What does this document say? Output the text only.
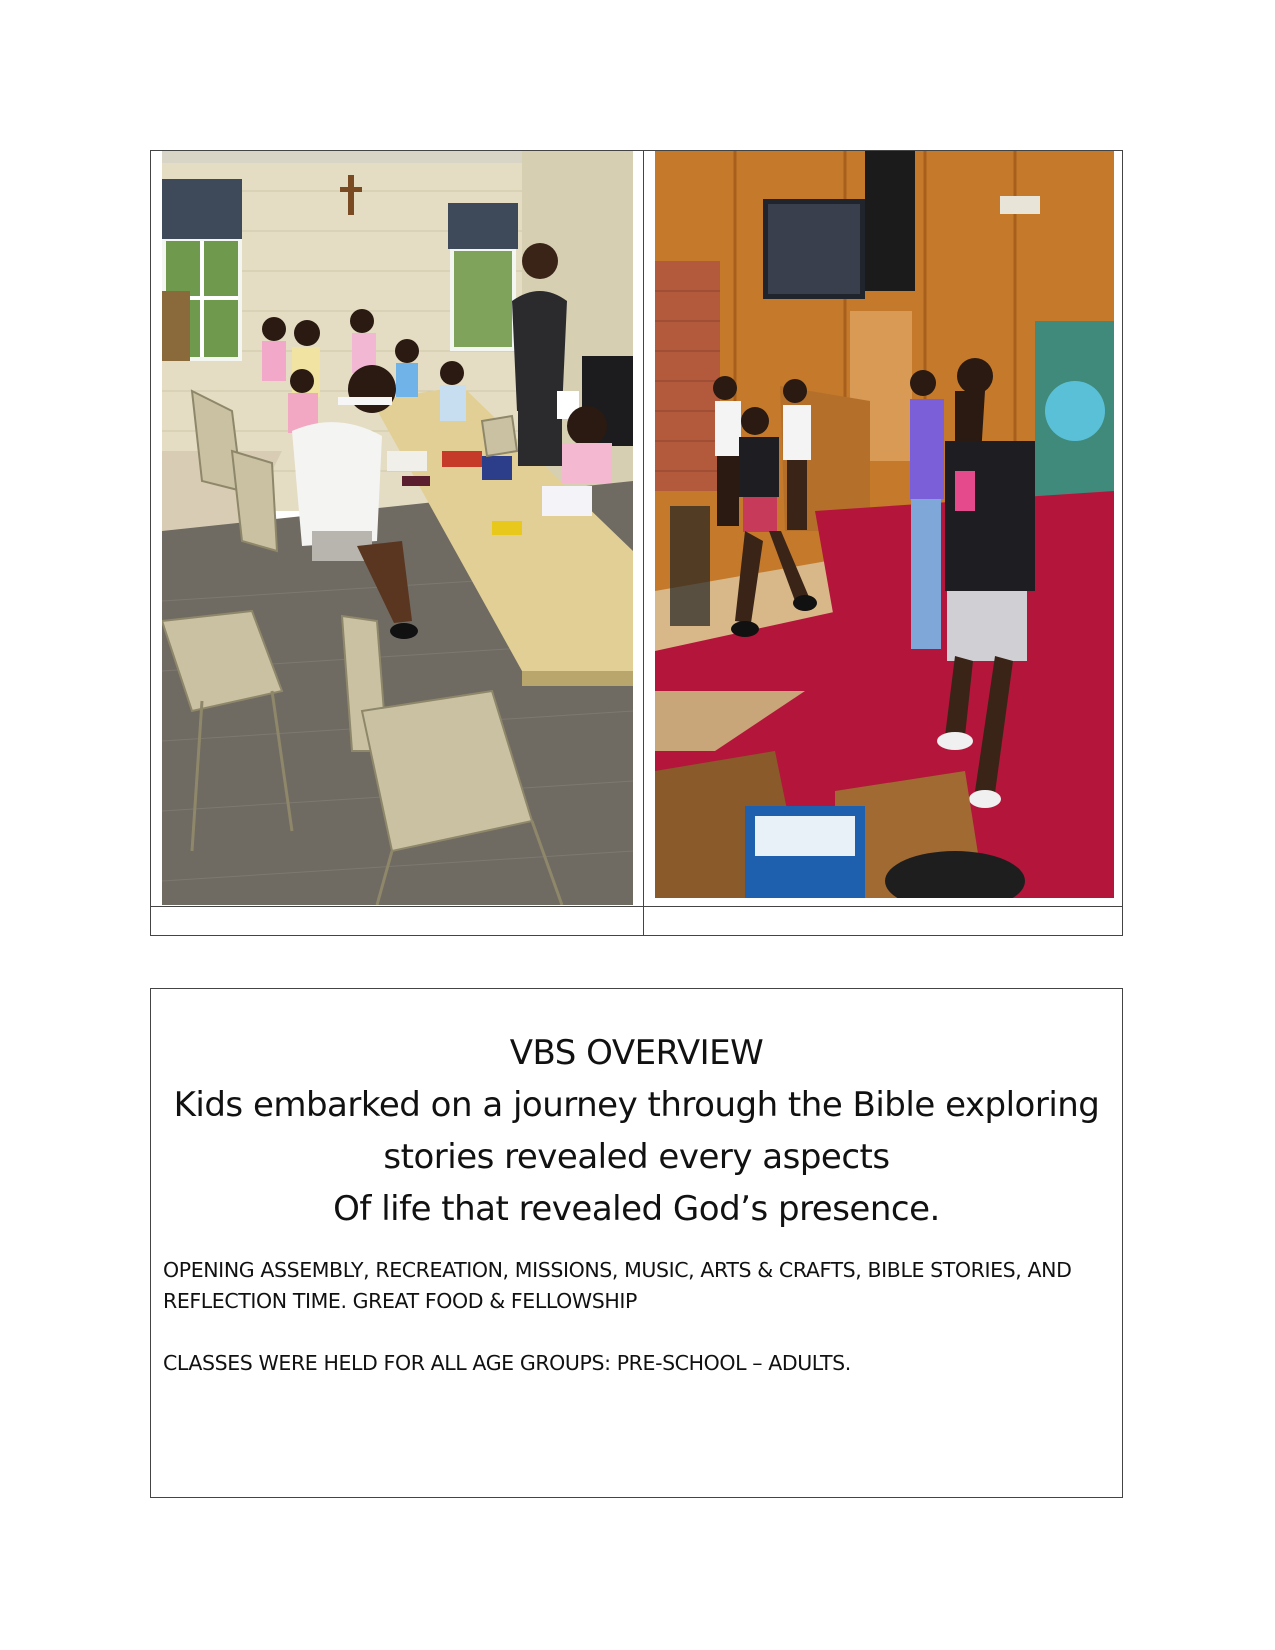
VBS OVERVIEW
Kids embarked on a journey through the Bible exploring
stories revealed every aspects
Of life that revealed God’s presence.
OPENING ASSEMBLY, RECREATION, MISSIONS, MUSIC, ARTS & CRAFTS, BIBLE STORIES, AND
REFLECTION TIME. GREAT FOOD & FELLOWSHIP
CLASSES WERE HELD FOR ALL AGE GROUPS: PRE-SCHOOL – ADULTS.
